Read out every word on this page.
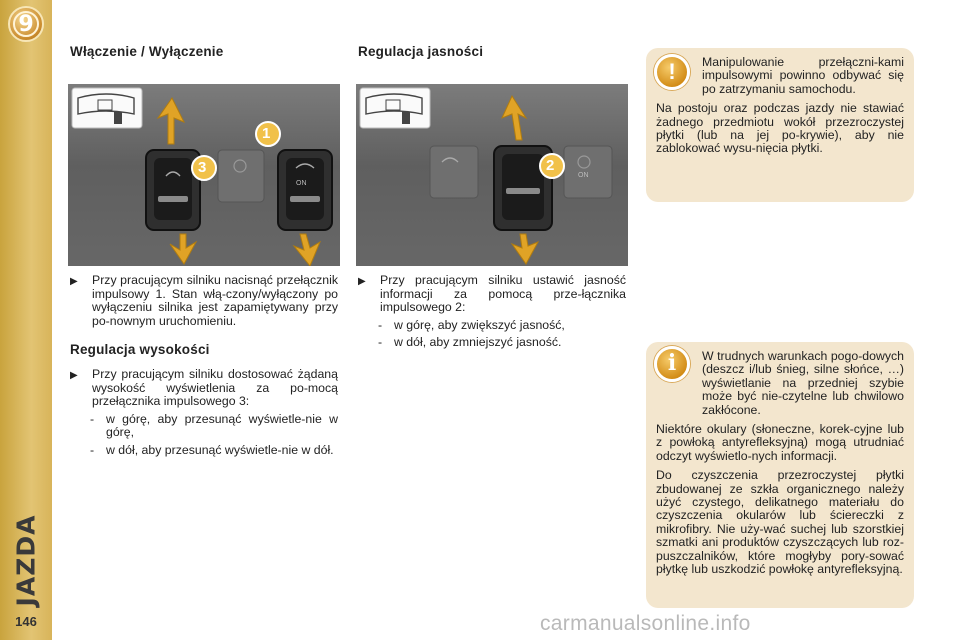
9
JAZDA
146
Włączenie / Wyłączenie
1
3
ON
▶	Przy pracującym silniku nacisnąć przełącznik impulsowy 1. Stan włą-czony/wyłączony po wyłączeniu silnika jest zapamiętywany przy po-nownym uruchomieniu.
Regulacja wysokości
▶	Przy pracującym silniku dostosować żądaną wysokość wyświetlenia za po-mocą przełącznika impulsowego 3:
- w górę, aby przesunąć wyświetle-nie w górę,
- w dół, aby przesunąć wyświetle-nie w dół.
Regulacja jasności
2
ON
▶	Przy pracującym silniku ustawić jasność informacji za pomocą prze-łącznika impulsowego 2:
- w górę, aby zwiększyć jasność,
- w dół, aby zmniejszyć jasność.
!	Manipulowanie przełączni-kami impulsowymi powinno odbywać się po zatrzymaniu samochodu.

Na postoju oraz podczas jazdy nie stawiać żadnego przedmiotu wokół przezroczystej płytki (lub na jej po-krywie), aby nie zablokować wysu-nięcia płytki.

i	W trudnych warunkach pogo-dowych (deszcz i/lub śnieg, silne słońce, …) wyświetlanie na przedniej szybie może być nie-czytelne lub chwilowo zakłócone.

Niektóre okulary (słoneczne, korek-cyjne lub z powłoką antyrefleksyjną) mogą utrudniać odczyt wyświetlo-nych informacji.

Do czyszczenia przezroczystej płytki zbudowanej ze szkła organicznego należy użyć czystego, delikatnego materiału do czyszczenia okularów lub ściereczki z mikrofibry. Nie uży-wać suchej lub szorstkiej szmatki ani produktów czyszczących lub roz-puszczalników, które mogłyby pory-sować płytkę lub uszkodzić powłokę antyrefleksyjną.

carmanualsonline.info
